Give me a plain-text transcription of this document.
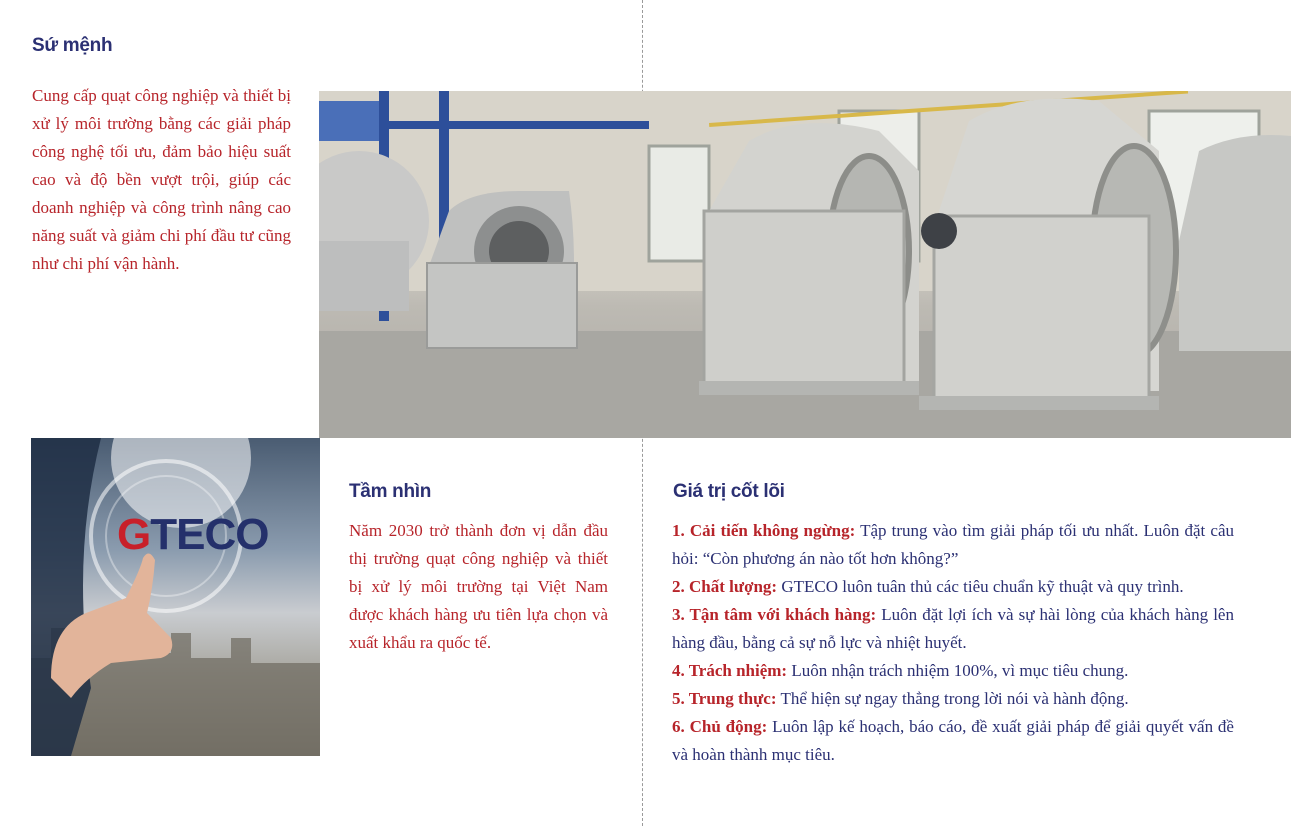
Sứ mệnh

Cung cấp quạt công nghiệp và thiết bị xử lý môi trường bằng các giải pháp công nghệ tối ưu, đảm bảo hiệu suất cao và độ bền vượt trội, giúp các doanh nghiệp và công trình nâng cao năng suất và giảm chi phí đầu tư cũng như chi phí vận hành.

GTECO

Tầm nhìn

Năm 2030 trở thành đơn vị dẫn đầu thị trường quạt công nghiệp và thiết bị xử lý môi trường tại Việt Nam được khách hàng ưu tiên lựa chọn và xuất khẩu ra quốc tế.

Giá trị cốt lõi

1. Cải tiến không ngừng: Tập trung vào tìm giải pháp tối ưu nhất. Luôn đặt câu hỏi: “Còn phương án nào tốt hơn không?”

2. Chất lượng: GTECO luôn tuân thủ các tiêu chuẩn kỹ thuật và quy trình.

3. Tận tâm với khách hàng: Luôn đặt lợi ích và sự hài lòng của khách hàng lên hàng đầu, bằng cả sự nỗ lực và nhiệt huyết.

4. Trách nhiệm: Luôn nhận trách nhiệm 100%, vì mục tiêu chung.

5. Trung thực: Thể hiện sự ngay thẳng trong lời nói và hành động.

6. Chủ động: Luôn lập kế hoạch, báo cáo, đề xuất giải pháp để giải quyết vấn đề và hoàn thành mục tiêu.
